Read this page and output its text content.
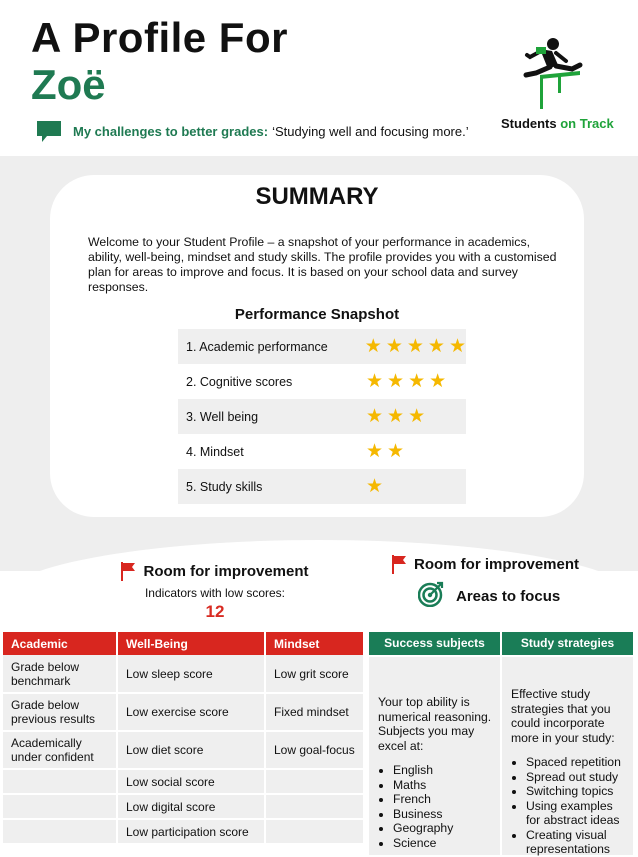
A Profile For
Zoë
My challenges to better grades: ‘Studying well and focusing more.’ Students on Track
SUMMARY
Welcome to your Student Profile – a snapshot of your performance in academics, ability, well-being, mindset and study skills. The profile provides you with a customised plan for areas to improve and focus. It is based on your school data and survey responses.
Performance Snapshot
1. Academic performance	★ ★ ★ ★ ★
2. Cognitive scores	★ ★ ★ ★
3. Well being	★ ★ ★
4. Mindset	★ ★
5. Study skills	★
Room for improvement
Indicators with low scores:
12
Room for improvement
Areas to focus
Academic	Well-Being	Mindset
Grade below benchmark	Low sleep score	Low grit score
Grade below previous results	Low exercise score	Fixed mindset
Academically under confident	Low diet score	Low goal-focus
	Low social score	
	Low digital score	
	Low participation score	
Success subjects
Your top ability is numerical reasoning. Subjects you may excel at:
• English
• Maths
• French
• Business
• Geography
• Science
Study strategies
Effective study strategies that you could incorporate more in your study:
• Spaced repetition
• Spread out study
• Switching topics
• Using examples for abstract ideas
• Creating visual representations
